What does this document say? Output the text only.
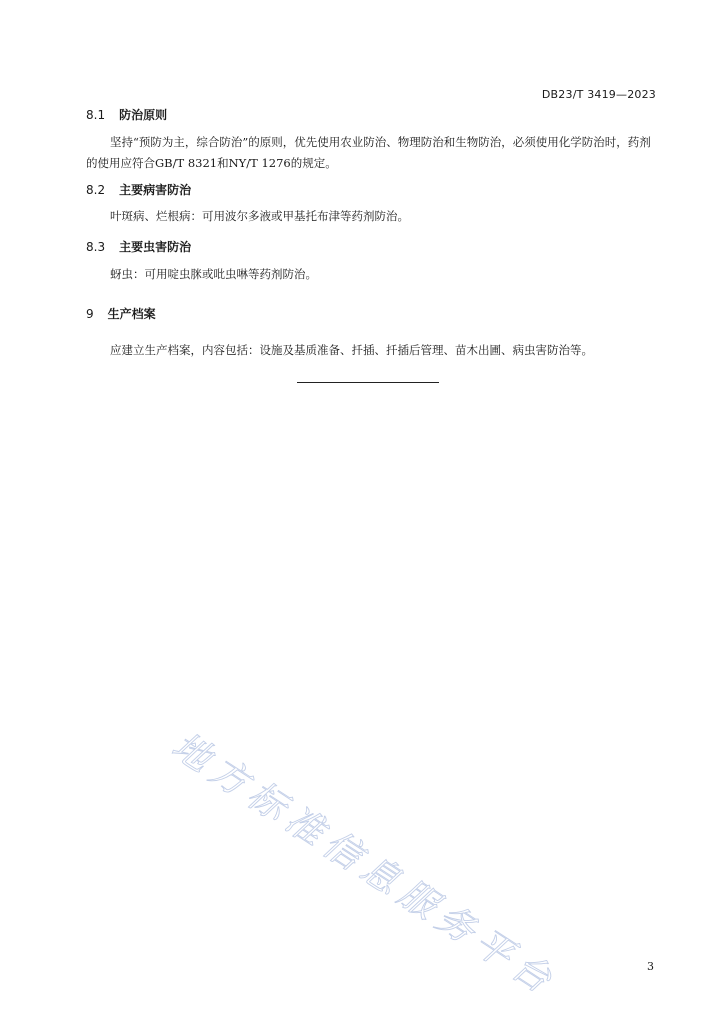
DB23/T 3419—2023
8.1 防治原则
坚持“预防为主，综合防治”的原则，优先使用农业防治、物理防治和生物防治，必须使用化学防治时，药剂的使用应符合GB/T 8321和NY/T 1276的规定。
8.2 主要病害防治
叶斑病、烂根病：可用波尔多液或甲基托布津等药剂防治。
8.3 主要虫害防治
蚜虫：可用啶虫脒或吡虫啉等药剂防治。
9 生产档案
应建立生产档案，内容包括：设施及基质准备、扦插、扦插后管理、苗木出圃、病虫害防治等。
地方标准信息服务平台	3
